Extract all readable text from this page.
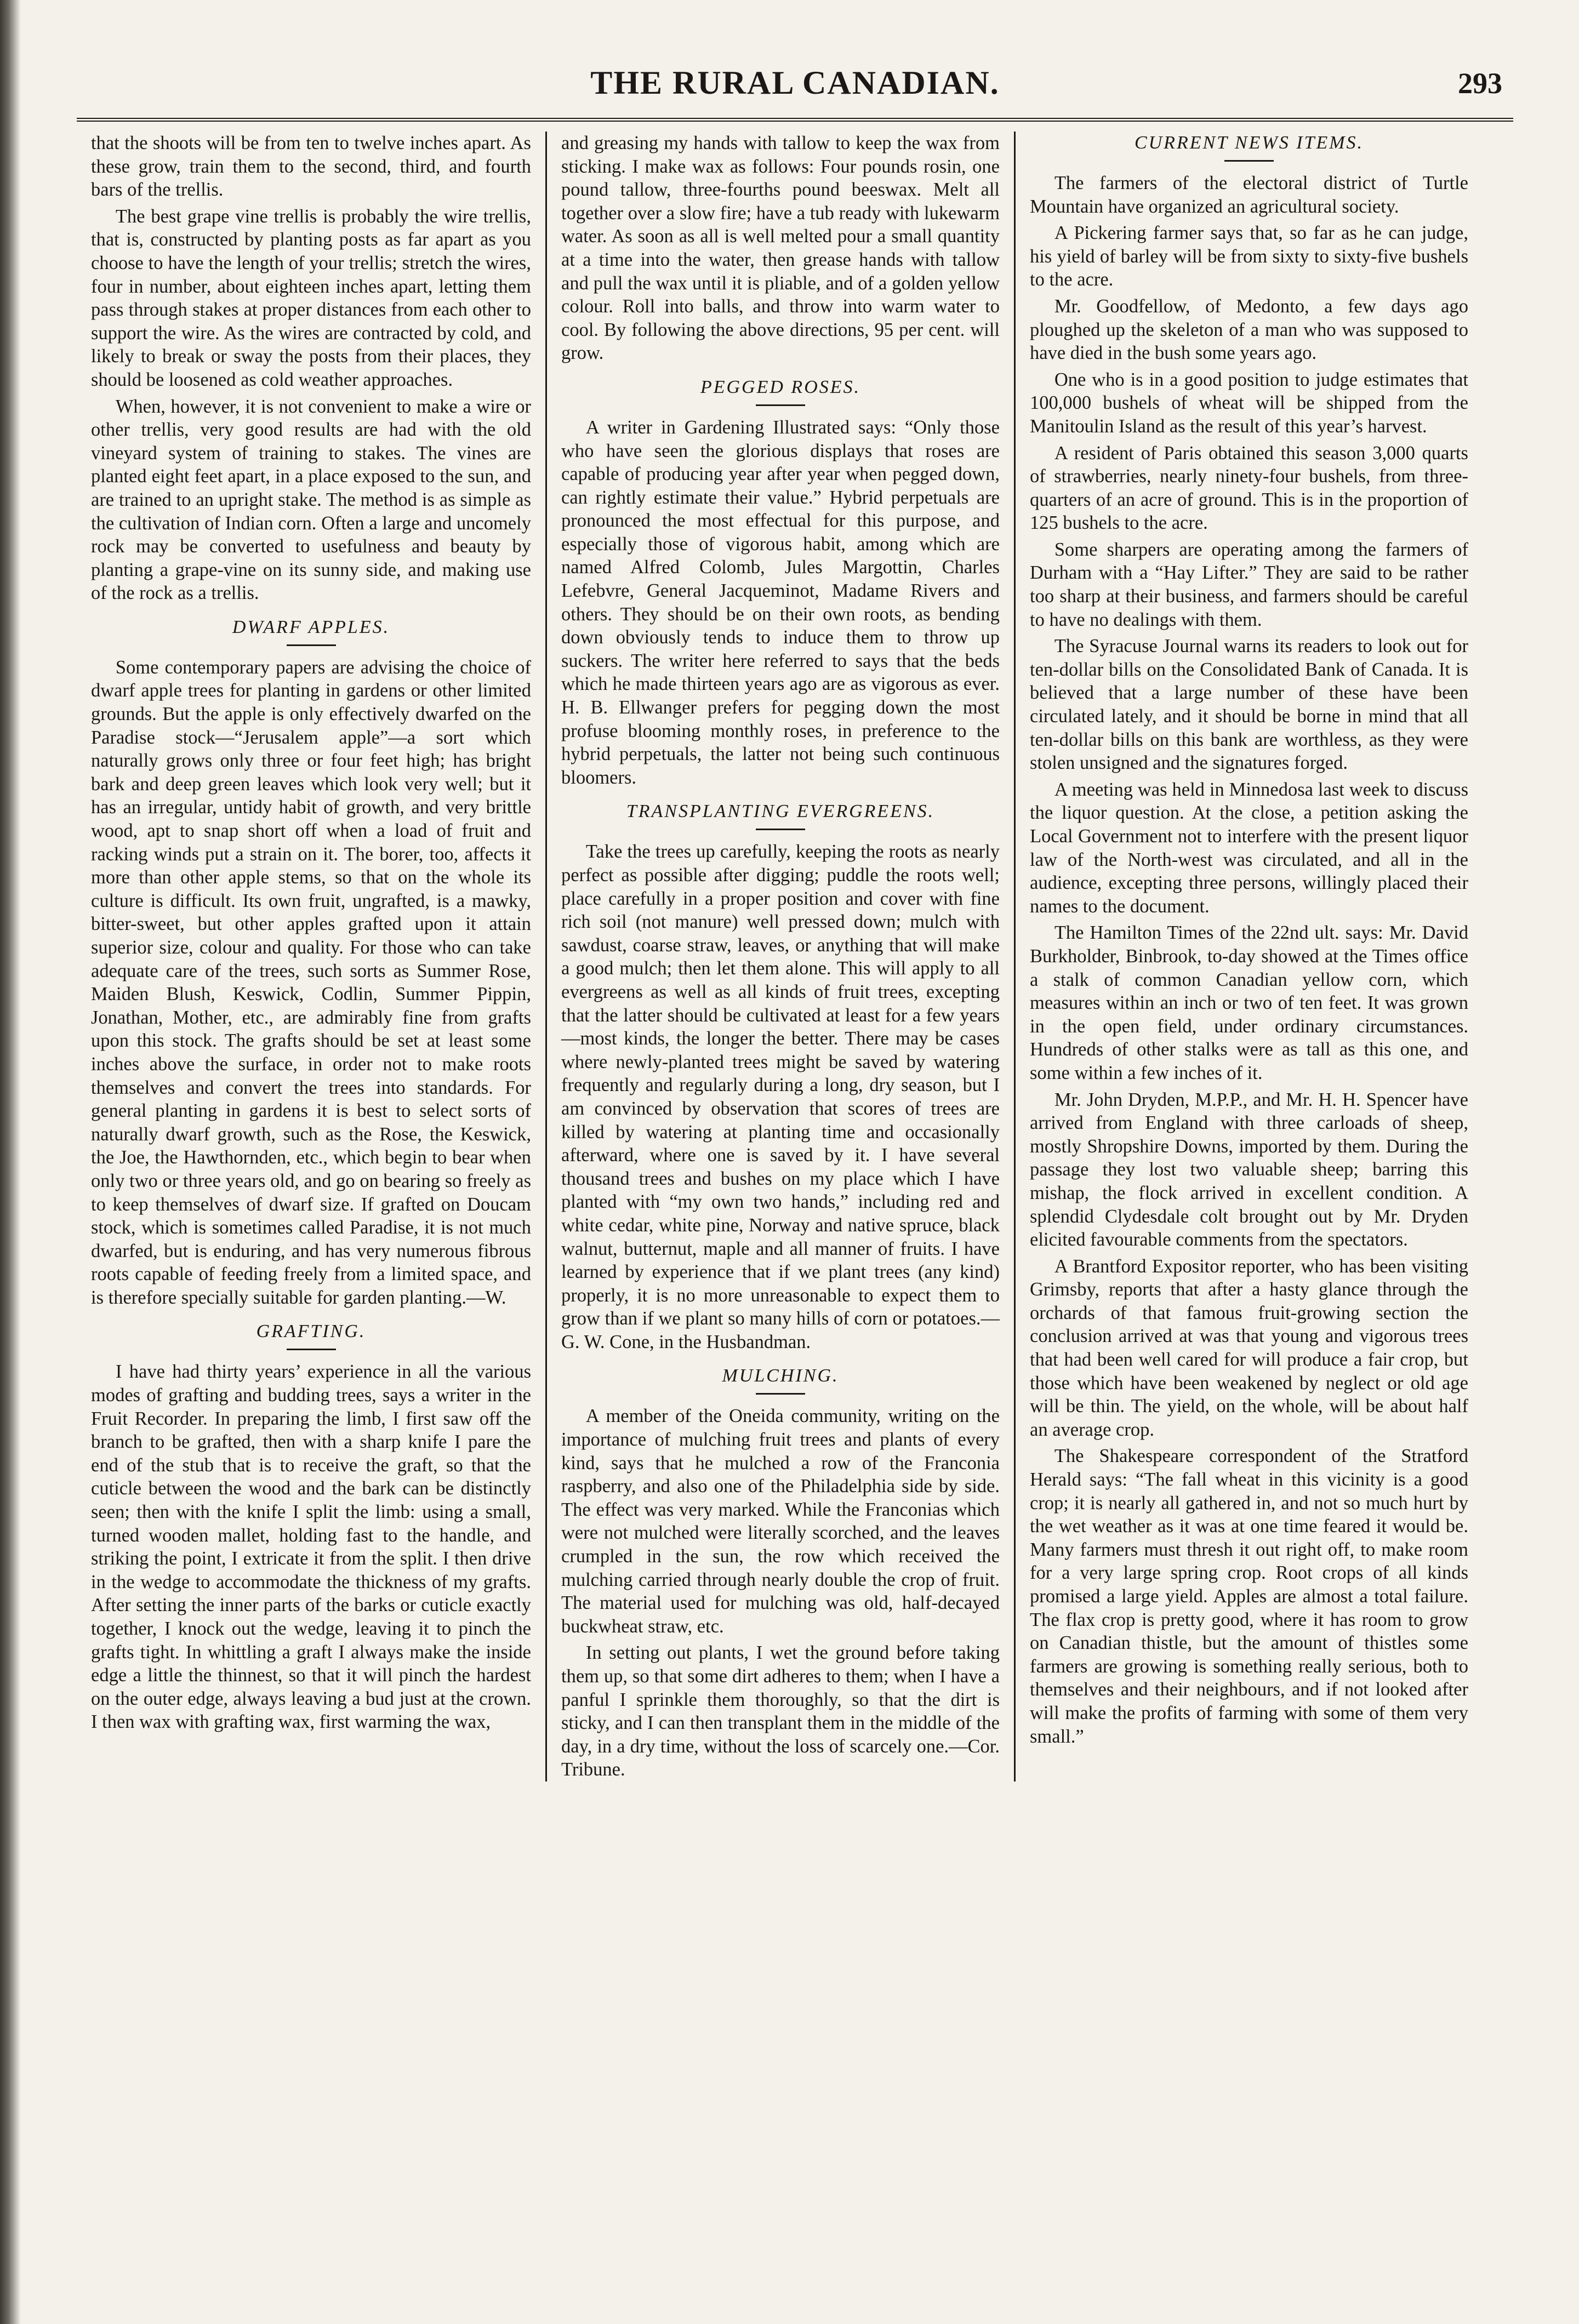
THE RURAL CANADIAN.	293

that the shoots will be from ten to twelve inches apart. As these grow, train them to the second, third, and fourth bars of the trellis.

The best grape vine trellis is probably the wire trellis, that is, constructed by planting posts as far apart as you choose to have the length of your trellis; stretch the wires, four in number, about eighteen inches apart, letting them pass through stakes at proper distances from each other to support the wire. As the wires are contracted by cold, and likely to break or sway the posts from their places, they should be loosened as cold weather approaches.

When, however, it is not convenient to make a wire or other trellis, very good results are had with the old vineyard system of training to stakes. The vines are planted eight feet apart, in a place exposed to the sun, and are trained to an upright stake. The method is as simple as the cultivation of Indian corn. Often a large and uncomely rock may be converted to usefulness and beauty by planting a grape-vine on its sunny side, and making use of the rock as a trellis.

DWARF APPLES.

Some contemporary papers are advising the choice of dwarf apple trees for planting in gardens or other limited grounds. But the apple is only effectively dwarfed on the Paradise stock—“Jerusalem apple”—a sort which naturally grows only three or four feet high; has bright bark and deep green leaves which look very well; but it has an irregular, untidy habit of growth, and very brittle wood, apt to snap short off when a load of fruit and racking winds put a strain on it. The borer, too, affects it more than other apple stems, so that on the whole its culture is difficult. Its own fruit, ungrafted, is a mawky, bitter-sweet, but other apples grafted upon it attain superior size, colour and quality. For those who can take adequate care of the trees, such sorts as Summer Rose, Maiden Blush, Keswick, Codlin, Summer Pippin, Jonathan, Mother, etc., are admirably fine from grafts upon this stock. The grafts should be set at least some inches above the surface, in order not to make roots themselves and convert the trees into standards. For general planting in gardens it is best to select sorts of naturally dwarf growth, such as the Rose, the Keswick, the Joe, the Hawthornden, etc., which begin to bear when only two or three years old, and go on bearing so freely as to keep themselves of dwarf size. If grafted on Doucam stock, which is sometimes called Paradise, it is not much dwarfed, but is enduring, and has very numerous fibrous roots capable of feeding freely from a limited space, and is therefore specially suitable for garden planting.—W.

GRAFTING.

I have had thirty years’ experience in all the various modes of grafting and budding trees, says a writer in the Fruit Recorder. In preparing the limb, I first saw off the branch to be grafted, then with a sharp knife I pare the end of the stub that is to receive the graft, so that the cuticle between the wood and the bark can be distinctly seen; then with the knife I split the limb: using a small, turned wooden mallet, holding fast to the handle, and striking the point, I extricate it from the split. I then drive in the wedge to accommodate the thickness of my grafts. After setting the inner parts of the barks or cuticle exactly together, I knock out the wedge, leaving it to pinch the grafts tight. In whittling a graft I always make the inside edge a little the thinnest, so that it will pinch the hardest on the outer edge, always leaving a bud just at the crown. I then wax with grafting wax, first warming the wax,

and greasing my hands with tallow to keep the wax from sticking. I make wax as follows: Four pounds rosin, one pound tallow, three-fourths pound beeswax. Melt all together over a slow fire; have a tub ready with lukewarm water. As soon as all is well melted pour a small quantity at a time into the water, then grease hands with tallow and pull the wax until it is pliable, and of a golden yellow colour. Roll into balls, and throw into warm water to cool. By following the above directions, 95 per cent. will grow.

PEGGED ROSES.

A writer in Gardening Illustrated says: “Only those who have seen the glorious displays that roses are capable of producing year after year when pegged down, can rightly estimate their value.” Hybrid perpetuals are pronounced the most effectual for this purpose, and especially those of vigorous habit, among which are named Alfred Colomb, Jules Margottin, Charles Lefebvre, General Jacqueminot, Madame Rivers and others. They should be on their own roots, as bending down obviously tends to induce them to throw up suckers. The writer here referred to says that the beds which he made thirteen years ago are as vigorous as ever. H. B. Ellwanger prefers for pegging down the most profuse blooming monthly roses, in preference to the hybrid perpetuals, the latter not being such continuous bloomers.

TRANSPLANTING EVERGREENS.

Take the trees up carefully, keeping the roots as nearly perfect as possible after digging; puddle the roots well; place carefully in a proper position and cover with fine rich soil (not manure) well pressed down; mulch with sawdust, coarse straw, leaves, or anything that will make a good mulch; then let them alone. This will apply to all evergreens as well as all kinds of fruit trees, excepting that the latter should be cultivated at least for a few years—most kinds, the longer the better. There may be cases where newly-planted trees might be saved by watering frequently and regularly during a long, dry season, but I am convinced by observation that scores of trees are killed by watering at planting time and occasionally afterward, where one is saved by it. I have several thousand trees and bushes on my place which I have planted with “my own two hands,” including red and white cedar, white pine, Norway and native spruce, black walnut, butternut, maple and all manner of fruits. I have learned by experience that if we plant trees (any kind) properly, it is no more unreasonable to expect them to grow than if we plant so many hills of corn or potatoes.—G. W. Cone, in the Husbandman.

MULCHING.

A member of the Oneida community, writing on the importance of mulching fruit trees and plants of every kind, says that he mulched a row of the Franconia raspberry, and also one of the Philadelphia side by side. The effect was very marked. While the Franconias which were not mulched were literally scorched, and the leaves crumpled in the sun, the row which received the mulching carried through nearly double the crop of fruit. The material used for mulching was old, half-decayed buckwheat straw, etc.

In setting out plants, I wet the ground before taking them up, so that some dirt adheres to them; when I have a panful I sprinkle them thoroughly, so that the dirt is sticky, and I can then transplant them in the middle of the day, in a dry time, without the loss of scarcely one.—Cor. Tribune.

CURRENT NEWS ITEMS.

The farmers of the electoral district of Turtle Mountain have organized an agricultural society.

A Pickering farmer says that, so far as he can judge, his yield of barley will be from sixty to sixty-five bushels to the acre.

Mr. Goodfellow, of Medonto, a few days ago ploughed up the skeleton of a man who was supposed to have died in the bush some years ago.

One who is in a good position to judge estimates that 100,000 bushels of wheat will be shipped from the Manitoulin Island as the result of this year’s harvest.

A resident of Paris obtained this season 3,000 quarts of strawberries, nearly ninety-four bushels, from three-quarters of an acre of ground. This is in the proportion of 125 bushels to the acre.

Some sharpers are operating among the farmers of Durham with a “Hay Lifter.” They are said to be rather too sharp at their business, and farmers should be careful to have no dealings with them.

The Syracuse Journal warns its readers to look out for ten-dollar bills on the Consolidated Bank of Canada. It is believed that a large number of these have been circulated lately, and it should be borne in mind that all ten-dollar bills on this bank are worthless, as they were stolen unsigned and the signatures forged.

A meeting was held in Minnedosa last week to discuss the liquor question. At the close, a petition asking the Local Government not to interfere with the present liquor law of the North-west was circulated, and all in the audience, excepting three persons, willingly placed their names to the document.

The Hamilton Times of the 22nd ult. says: Mr. David Burkholder, Binbrook, to-day showed at the Times office a stalk of common Canadian yellow corn, which measures within an inch or two of ten feet. It was grown in the open field, under ordinary circumstances. Hundreds of other stalks were as tall as this one, and some within a few inches of it.

Mr. John Dryden, M.P.P., and Mr. H. H. Spencer have arrived from England with three carloads of sheep, mostly Shropshire Downs, imported by them. During the passage they lost two valuable sheep; barring this mishap, the flock arrived in excellent condition. A splendid Clydesdale colt brought out by Mr. Dryden elicited favourable comments from the spectators.

A Brantford Expositor reporter, who has been visiting Grimsby, reports that after a hasty glance through the orchards of that famous fruit-growing section the conclusion arrived at was that young and vigorous trees that had been well cared for will produce a fair crop, but those which have been weakened by neglect or old age will be thin. The yield, on the whole, will be about half an average crop.

The Shakespeare correspondent of the Stratford Herald says: “The fall wheat in this vicinity is a good crop; it is nearly all gathered in, and not so much hurt by the wet weather as it was at one time feared it would be. Many farmers must thresh it out right off, to make room for a very large spring crop. Root crops of all kinds promised a large yield. Apples are almost a total failure. The flax crop is pretty good, where it has room to grow on Canadian thistle, but the amount of thistles some farmers are growing is something really serious, both to themselves and their neighbours, and if not looked after will make the profits of farming with some of them very small.”
